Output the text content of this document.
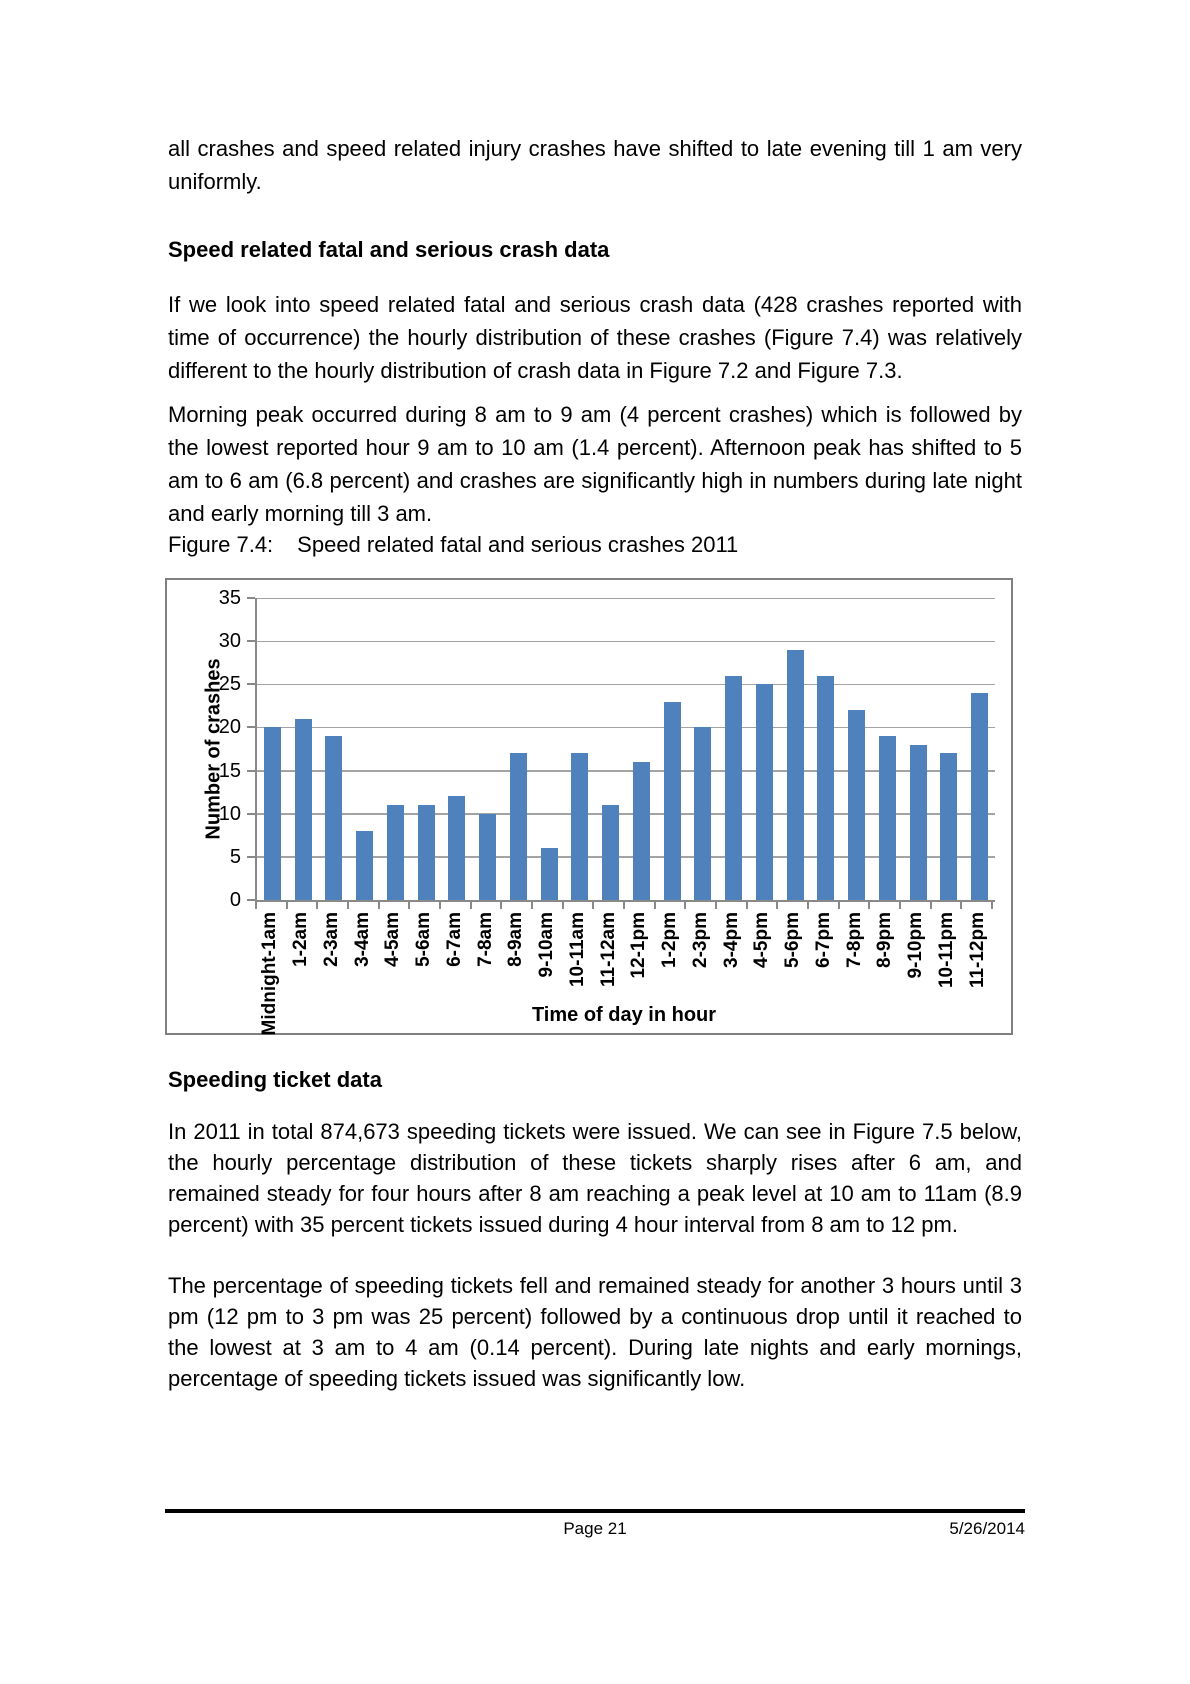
all crashes and speed related injury crashes have shifted to late evening till 1 am very uniformly.

Speed related fatal and serious crash data

If we look into speed related fatal and serious crash data (428 crashes reported with time of occurrence) the hourly distribution of these crashes (Figure 7.4) was relatively different to the hourly distribution of crash data in Figure 7.2 and Figure 7.3.

Morning peak occurred during 8 am to 9 am (4 percent crashes) which is followed by the lowest reported hour 9 am to 10 am (1.4 percent). Afternoon peak has shifted to 5 am to 6 am (6.8 percent) and crashes are significantly high in numbers during late night and early morning till 3 am.

Figure 7.4: Speed related fatal and serious crashes 2011

Number of crashes
0
5
10
15
20
25
30
35
Midnight-1am 1-2am 2-3am 3-4am 4-5am 5-6am 6-7am 7-8am 8-9am 9-10am 10-11am 11-12am 12-1pm 1-2pm 2-3pm 3-4pm 4-5pm 5-6pm 6-7pm 7-8pm 8-9pm 9-10pm 10-11pm 11-12pm
Time of day in hour
Speeding ticket data

In 2011 in total 874,673 speeding tickets were issued. We can see in Figure 7.5 below, the hourly percentage distribution of these tickets sharply rises after 6 am, and remained steady for four hours after 8 am reaching a peak level at 10 am to 11am (8.9 percent) with 35 percent tickets issued during 4 hour interval from 8 am to 12 pm.

The percentage of speeding tickets fell and remained steady for another 3 hours until 3 pm (12 pm to 3 pm was 25 percent) followed by a continuous drop until it reached to the lowest at 3 am to 4 am (0.14 percent). During late nights and early mornings, percentage of speeding tickets issued was significantly low.

Page 21	5/26/2014
